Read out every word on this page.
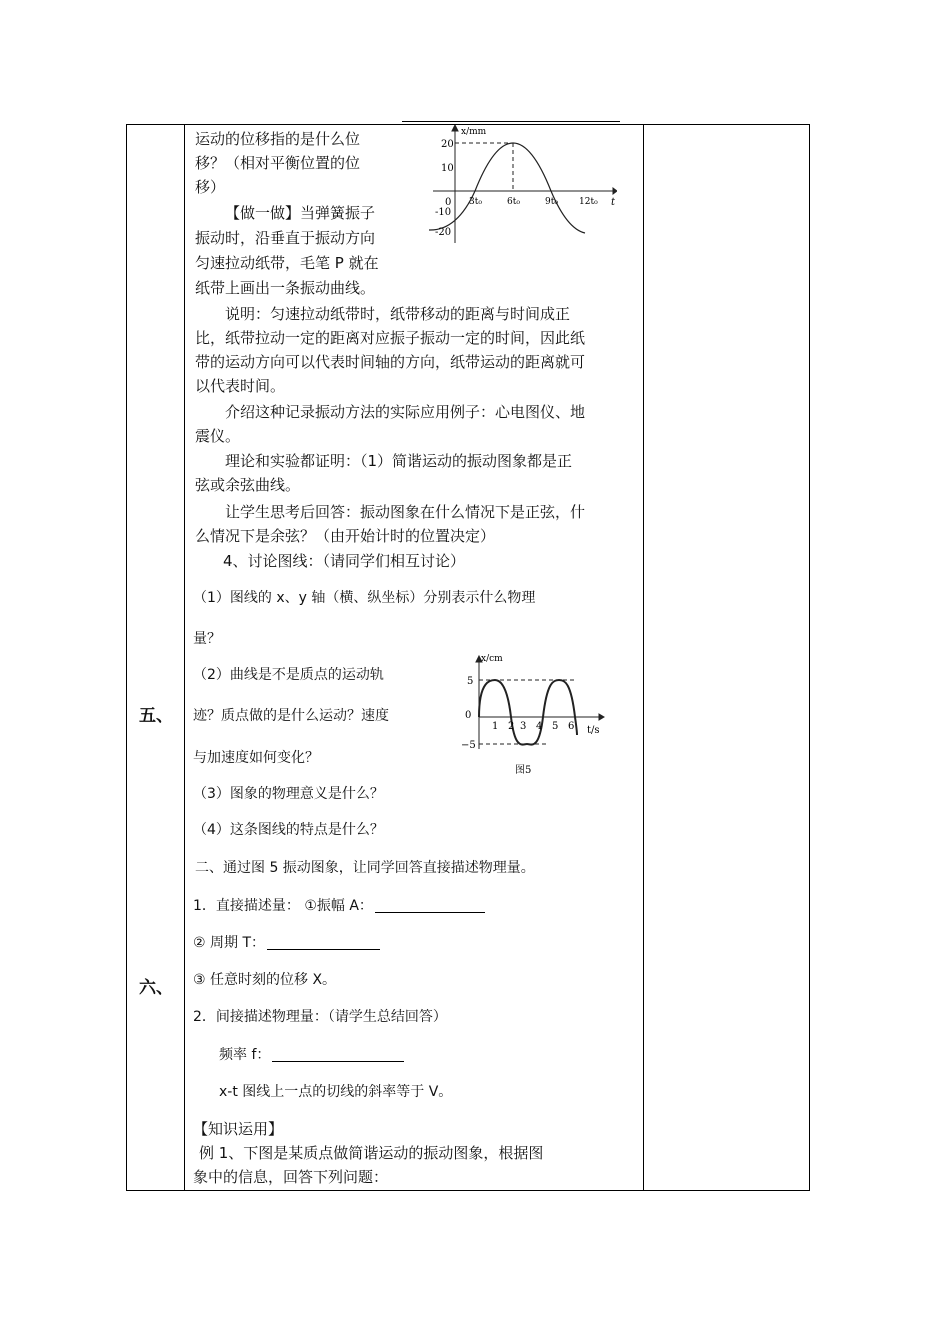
五、
六、
运动的位移指的是什么位
移？（相对平衡位置的位
移）
【做一做】当弹簧振子
振动时，沿垂直于振动方向
匀速拉动纸带，毛笔 P 就在
纸带上画出一条振动曲线。
x/mm
t
0
20
10
-10
-20
3t₀	6t₀	9t₀ 12t₀
说明：匀速拉动纸带时，纸带移动的距离与时间成正
比，纸带拉动一定的距离对应振子振动一定的时间，因此纸
带的运动方向可以代表时间轴的方向，纸带运动的距离就可
以代表时间。
介绍这种记录振动方法的实际应用例子：心电图仪、地
震仪。
理论和实验都证明：（1）简谐运动的振动图象都是正
弦或余弦曲线。
让学生思考后回答：振动图象在什么情况下是正弦，什
么情况下是余弦？（由开始计时的位置决定）
4、讨论图线：（请同学们相互讨论）
（1）图线的 x、y 轴（横、纵坐标）分别表示什么物理
量？
（2）曲线是不是质点的运动轨
迹？质点做的是什么运动？速度
与加速度如何变化？
x/cm
t/s
0
5
−5
1 2 3 4 5 6
图5
（3）图象的物理意义是什么？
（4）这条图线的特点是什么？
二、通过图 5 振动图象，让同学回答直接描述物理量。
1．直接描述量： ①振幅 A：
② 周期 T：
③ 任意时刻的位移 X。
2．间接描述物理量：（请学生总结回答）
频率 f：
x-t 图线上一点的切线的斜率等于 V。
【知识运用】
例 1、下图是某质点做简谐运动的振动图象，根据图
象中的信息，回答下列问题：
